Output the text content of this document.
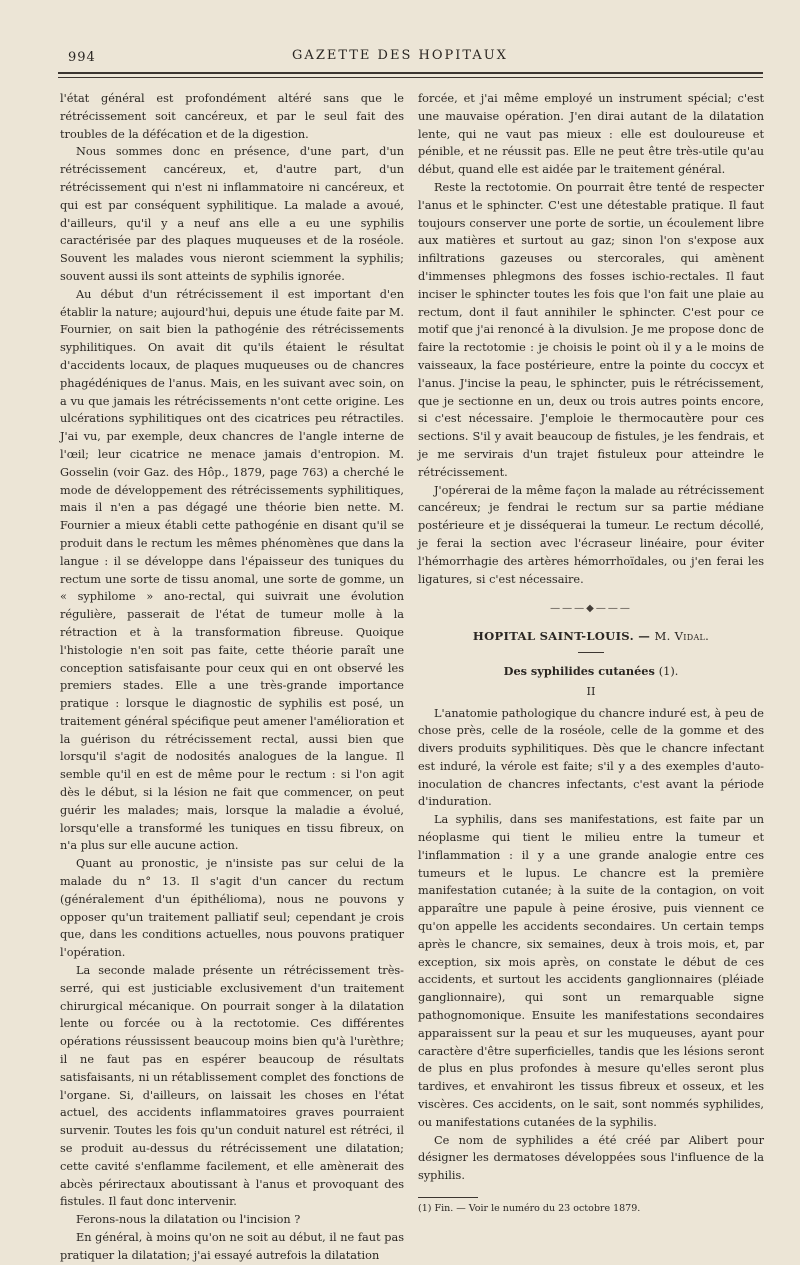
994	GAZETTE DES HOPITAUX

l'état général est profondément altéré sans que le rétrécissement soit cancéreux, et par le seul fait des troubles de la défécation et de la digestion.

Nous sommes donc en présence, d'une part, d'un rétrécissement cancéreux, et, d'autre part, d'un rétrécissement qui n'est ni inflammatoire ni cancéreux, et qui est par conséquent syphilitique. La malade a avoué, d'ailleurs, qu'il y a neuf ans elle a eu une syphilis caractérisée par des plaques muqueuses et de la roséole. Souvent les malades vous nieront sciemment la syphilis; souvent aussi ils sont atteints de syphilis ignorée.

Au début d'un rétrécissement il est important d'en établir la nature; aujourd'hui, depuis une étude faite par M. Fournier, on sait bien la pathogénie des rétrécissements syphilitiques. On avait dit qu'ils étaient le résultat d'accidents locaux, de plaques muqueuses ou de chancres phagédéniques de l'anus. Mais, en les suivant avec soin, on a vu que jamais les rétrécissements n'ont cette origine. Les ulcérations syphilitiques ont des cicatrices peu rétractiles. J'ai vu, par exemple, deux chancres de l'angle interne de l'œil; leur cicatrice ne menace jamais d'entropion. M. Gosselin (voir Gaz. des Hôp., 1879, page 763) a cherché le mode de développement des rétrécissements syphilitiques, mais il n'en a pas dégagé une théorie bien nette. M. Fournier a mieux établi cette pathogénie en disant qu'il se produit dans le rectum les mêmes phénomènes que dans la langue : il se développe dans l'épaisseur des tuniques du rectum une sorte de tissu anomal, une sorte de gomme, un « syphilome » ano-rectal, qui suivrait une évolution régulière, passerait de l'état de tumeur molle à la rétraction et à la transformation fibreuse. Quoique l'histologie n'en soit pas faite, cette théorie paraît une conception satisfaisante pour ceux qui en ont observé les premiers stades. Elle a une très-grande importance pratique : lorsque le diagnostic de syphilis est posé, un traitement général spécifique peut amener l'amélioration et la guérison du rétrécissement rectal, aussi bien que lorsqu'il s'agit de nodosités analogues de la langue. Il semble qu'il en est de même pour le rectum : si l'on agit dès le début, si la lésion ne fait que commencer, on peut guérir les malades; mais, lorsque la maladie a évolué, lorsqu'elle a transformé les tuniques en tissu fibreux, on n'a plus sur elle aucune action.

Quant au pronostic, je n'insiste pas sur celui de la malade du n° 13. Il s'agit d'un cancer du rectum (généralement d'un épithélioma), nous ne pouvons y opposer qu'un traitement palliatif seul; cependant je crois que, dans les conditions actuelles, nous pouvons pratiquer l'opération.

La seconde malade présente un rétrécissement très-serré, qui est justiciable exclusivement d'un traitement chirurgical mécanique. On pourrait songer à la dilatation lente ou forcée ou à la rectotomie. Ces différentes opérations réussissent beaucoup moins bien qu'à l'urèthre; il ne faut pas en espérer beaucoup de résultats satisfaisants, ni un rétablissement complet des fonctions de l'organe. Si, d'ailleurs, on laissait les choses en l'état actuel, des accidents inflammatoires graves pourraient survenir. Toutes les fois qu'un conduit naturel est rétréci, il se produit au-dessus du rétrécissement une dilatation; cette cavité s'enflamme facilement, et elle amènerait des abcès périrectaux aboutissant à l'anus et provoquant des fistules. Il faut donc intervenir.

Ferons-nous la dilatation ou l'incision ?

En général, à moins qu'on ne soit au début, il ne faut pas pratiquer la dilatation; j'ai essayé autrefois la dilatation

forcée, et j'ai même employé un instrument spécial; c'est une mauvaise opération. J'en dirai autant de la dilatation lente, qui ne vaut pas mieux : elle est douloureuse et pénible, et ne réussit pas. Elle ne peut être très-utile qu'au début, quand elle est aidée par le traitement général.

Reste la rectotomie. On pourrait être tenté de respecter l'anus et le sphincter. C'est une détestable pratique. Il faut toujours conserver une porte de sortie, un écoulement libre aux matières et surtout au gaz; sinon l'on s'expose aux infiltrations gazeuses ou stercorales, qui amènent d'immenses phlegmons des fosses ischio-rectales. Il faut inciser le sphincter toutes les fois que l'on fait une plaie au rectum, dont il faut annihiler le sphincter. C'est pour ce motif que j'ai renoncé à la divulsion. Je me propose donc de faire la rectotomie : je choisis le point où il y a le moins de vaisseaux, la face postérieure, entre la pointe du coccyx et l'anus. J'incise la peau, le sphincter, puis le rétrécissement, que je sectionne en un, deux ou trois autres points encore, si c'est nécessaire. J'emploie le thermocautère pour ces sections. S'il y avait beaucoup de fistules, je les fendrais, et je me servirais d'un trajet fistuleux pour atteindre le rétrécissement.

J'opérerai de la même façon la malade au rétrécissement cancéreux; je fendrai le rectum sur sa partie médiane postérieure et je disséquerai la tumeur. Le rectum décollé, je ferai la section avec l'écraseur linéaire, pour éviter l'hémorrhagie des artères hémorrhoïdales, ou j'en ferai les ligatures, si c'est nécessaire.

———◆———
HOPITAL SAINT-LOUIS. — M. Vidal.
Des syphilides cutanées (1).
II

L'anatomie pathologique du chancre induré est, à peu de chose près, celle de la roséole, celle de la gomme et des divers produits syphilitiques. Dès que le chancre infectant est induré, la vérole est faite; s'il y a des exemples d'auto-inoculation de chancres infectants, c'est avant la période d'induration.

La syphilis, dans ses manifestations, est faite par un néoplasme qui tient le milieu entre la tumeur et l'inflammation : il y a une grande analogie entre ces tumeurs et le lupus. Le chancre est la première manifestation cutanée; à la suite de la contagion, on voit apparaître une papule à peine érosive, puis viennent ce qu'on appelle les accidents secondaires. Un certain temps après le chancre, six semaines, deux à trois mois, et, par exception, six mois après, on constate le début de ces accidents, et surtout les accidents ganglionnaires (pléiade ganglionnaire), qui sont un remarquable signe pathognomonique. Ensuite les manifestations secondaires apparaissent sur la peau et sur les muqueuses, ayant pour caractère d'être superficielles, tandis que les lésions seront de plus en plus profondes à mesure qu'elles seront plus tardives, et envahiront les tissus fibreux et osseux, et les viscères. Ces accidents, on le sait, sont nommés syphilides, ou manifestations cutanées de la syphilis.

Ce nom de syphilides a été créé par Alibert pour désigner les dermatoses développées sous l'influence de la syphilis.

(1) Fin. — Voir le numéro du 23 octobre 1879.
